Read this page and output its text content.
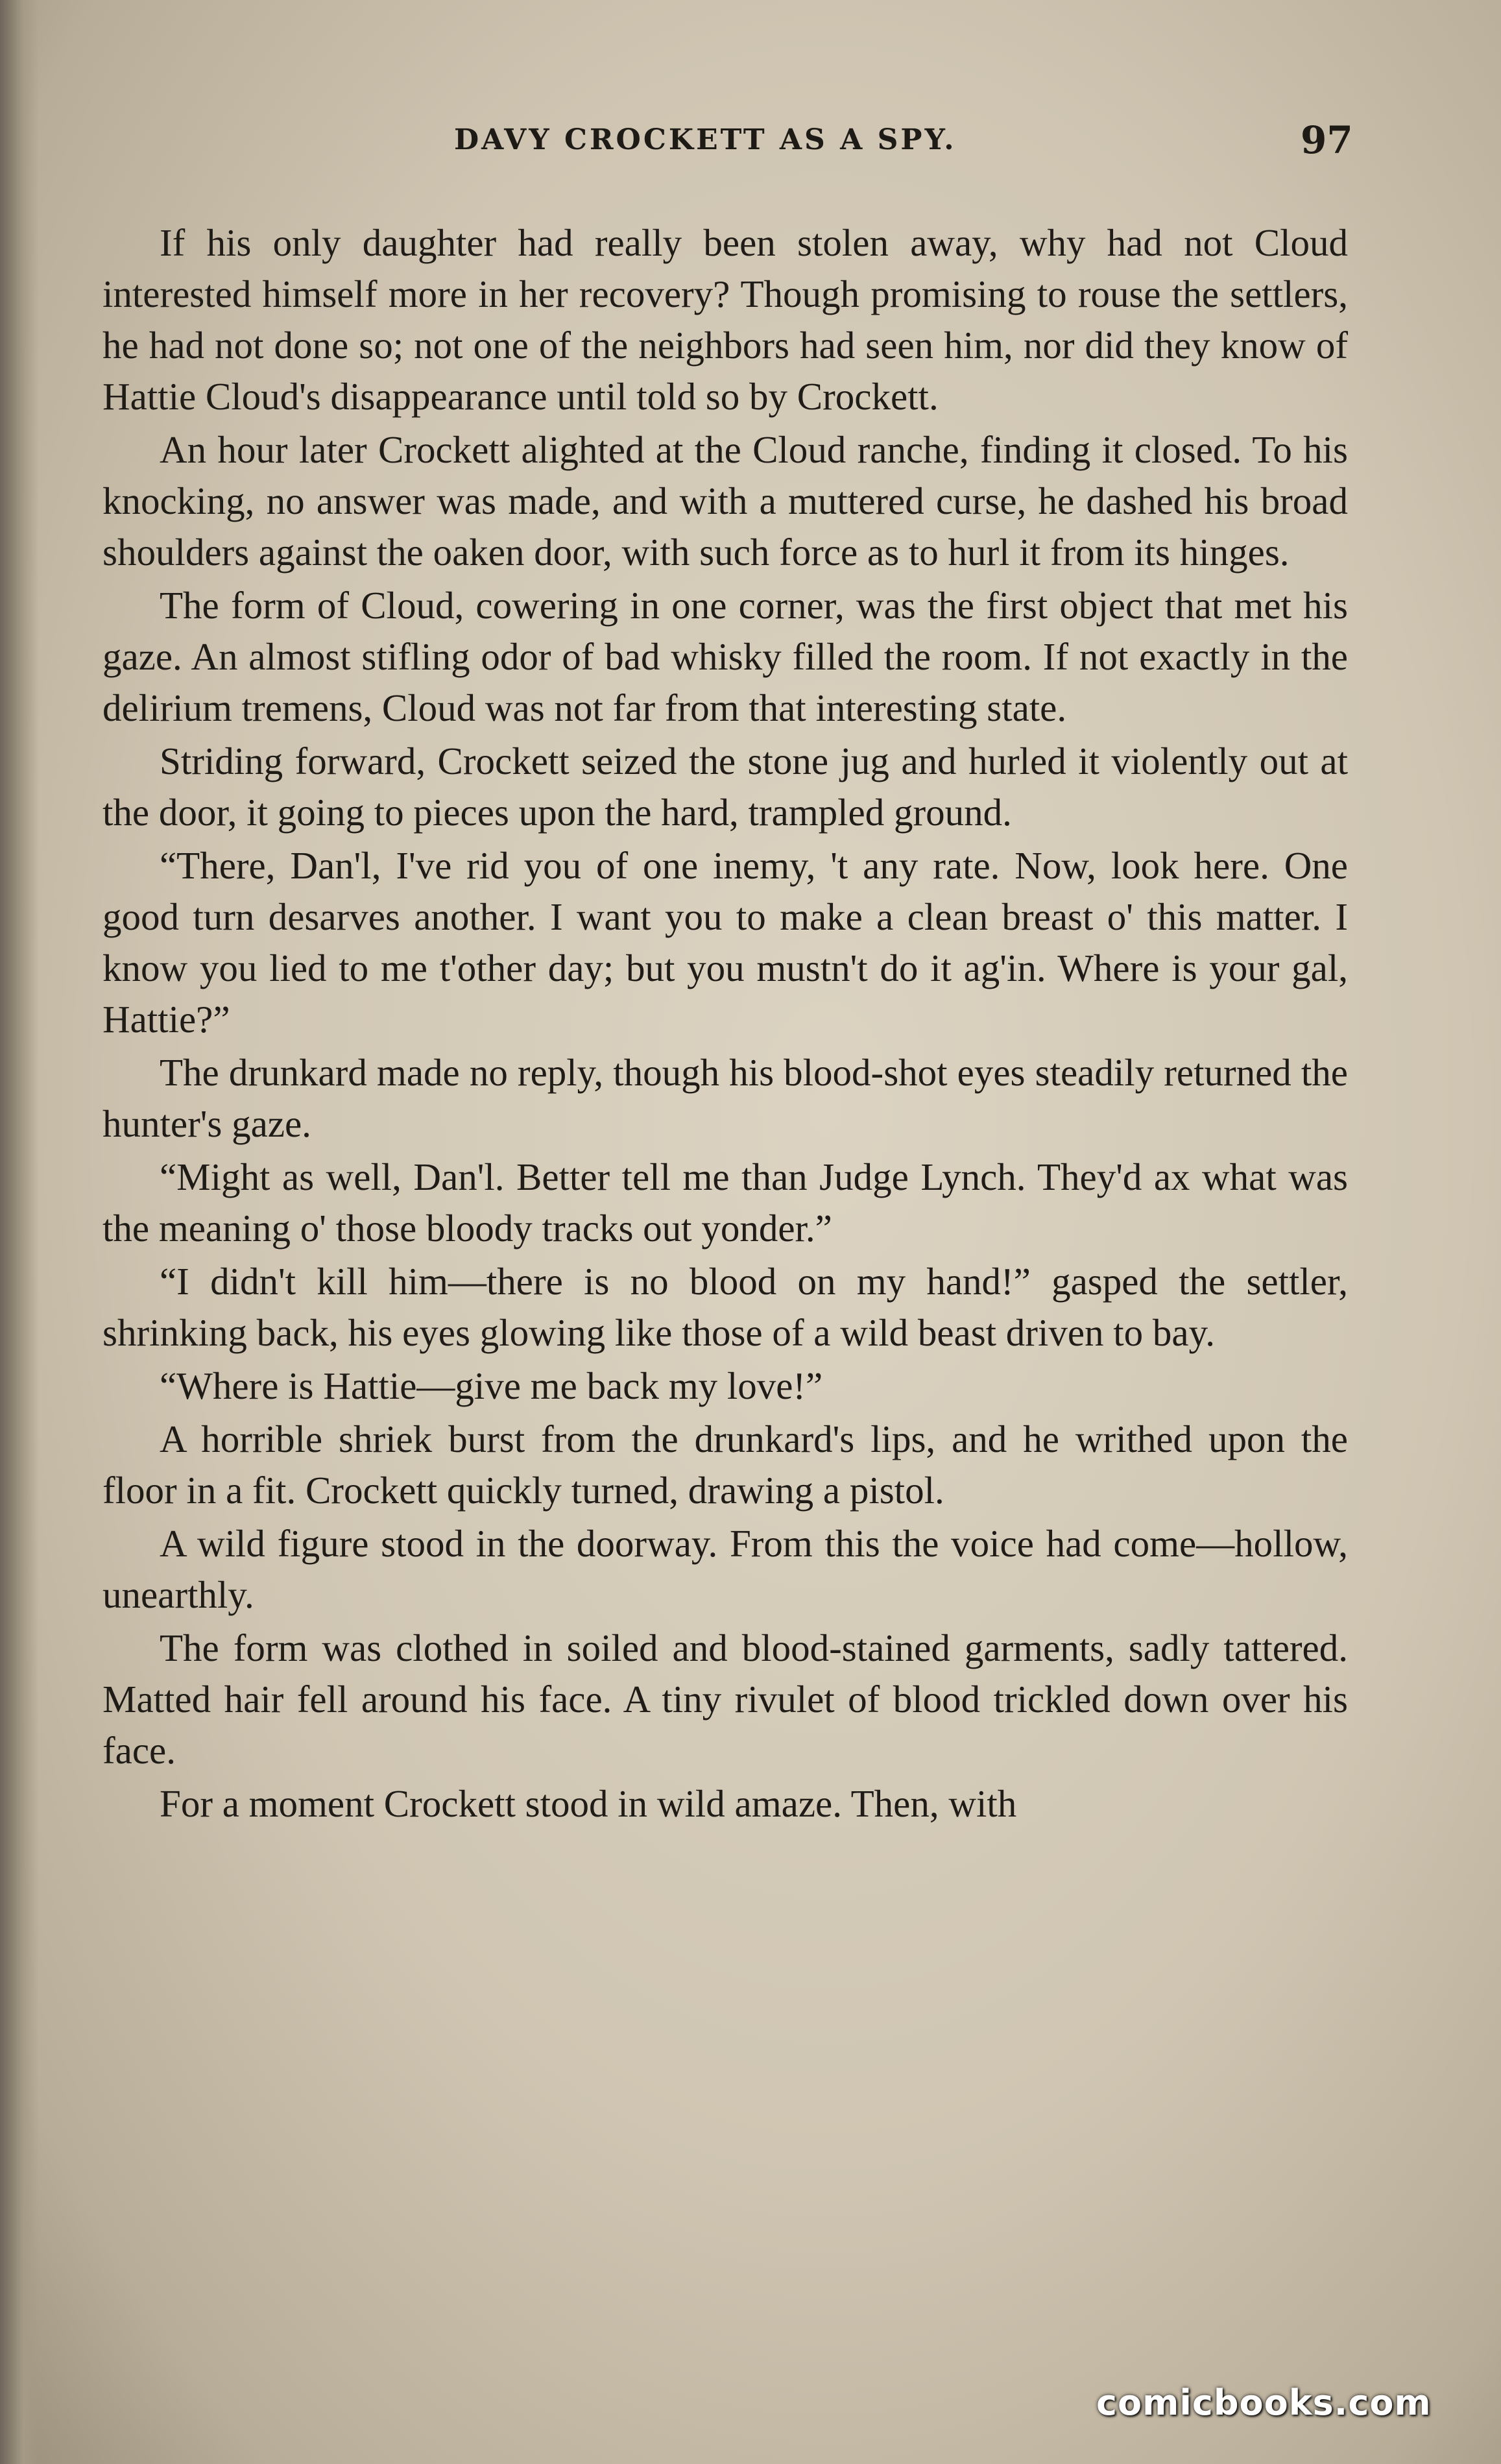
DAVY CROCKETT AS A SPY.	97

If his only daughter had really been stolen away, why had not Cloud interested himself more in her recovery? Though promising to rouse the settlers, he had not done so; not one of the neighbors had seen him, nor did they know of Hattie Cloud's disappearance until told so by Crockett.

An hour later Crockett alighted at the Cloud ranche, finding it closed. To his knocking, no answer was made, and with a muttered curse, he dashed his broad shoulders against the oaken door, with such force as to hurl it from its hinges.

The form of Cloud, cowering in one corner, was the first object that met his gaze. An almost stifling odor of bad whisky filled the room. If not exactly in the delirium tremens, Cloud was not far from that interesting state.

Striding forward, Crockett seized the stone jug and hurled it violently out at the door, it going to pieces upon the hard, trampled ground.

“There, Dan'l, I've rid you of one inemy, 't any rate. Now, look here. One good turn desarves another. I want you to make a clean breast o' this matter. I know you lied to me t'other day; but you mustn't do it ag'in. Where is your gal, Hattie?”

The drunkard made no reply, though his blood-shot eyes steadily returned the hunter's gaze.

“Might as well, Dan'l. Better tell me than Judge Lynch. They'd ax what was the meaning o' those bloody tracks out yonder.”

“I didn't kill him—there is no blood on my hand!” gasped the settler, shrinking back, his eyes glowing like those of a wild beast driven to bay.

“Where is Hattie—give me back my love!”

A horrible shriek burst from the drunkard's lips, and he writhed upon the floor in a fit. Crockett quickly turned, drawing a pistol.

A wild figure stood in the doorway. From this the voice had come—hollow, unearthly.

The form was clothed in soiled and blood-stained garments, sadly tattered. Matted hair fell around his face. A tiny rivulet of blood trickled down over his face.

For a moment Crockett stood in wild amaze. Then, with

comicbooks.com
